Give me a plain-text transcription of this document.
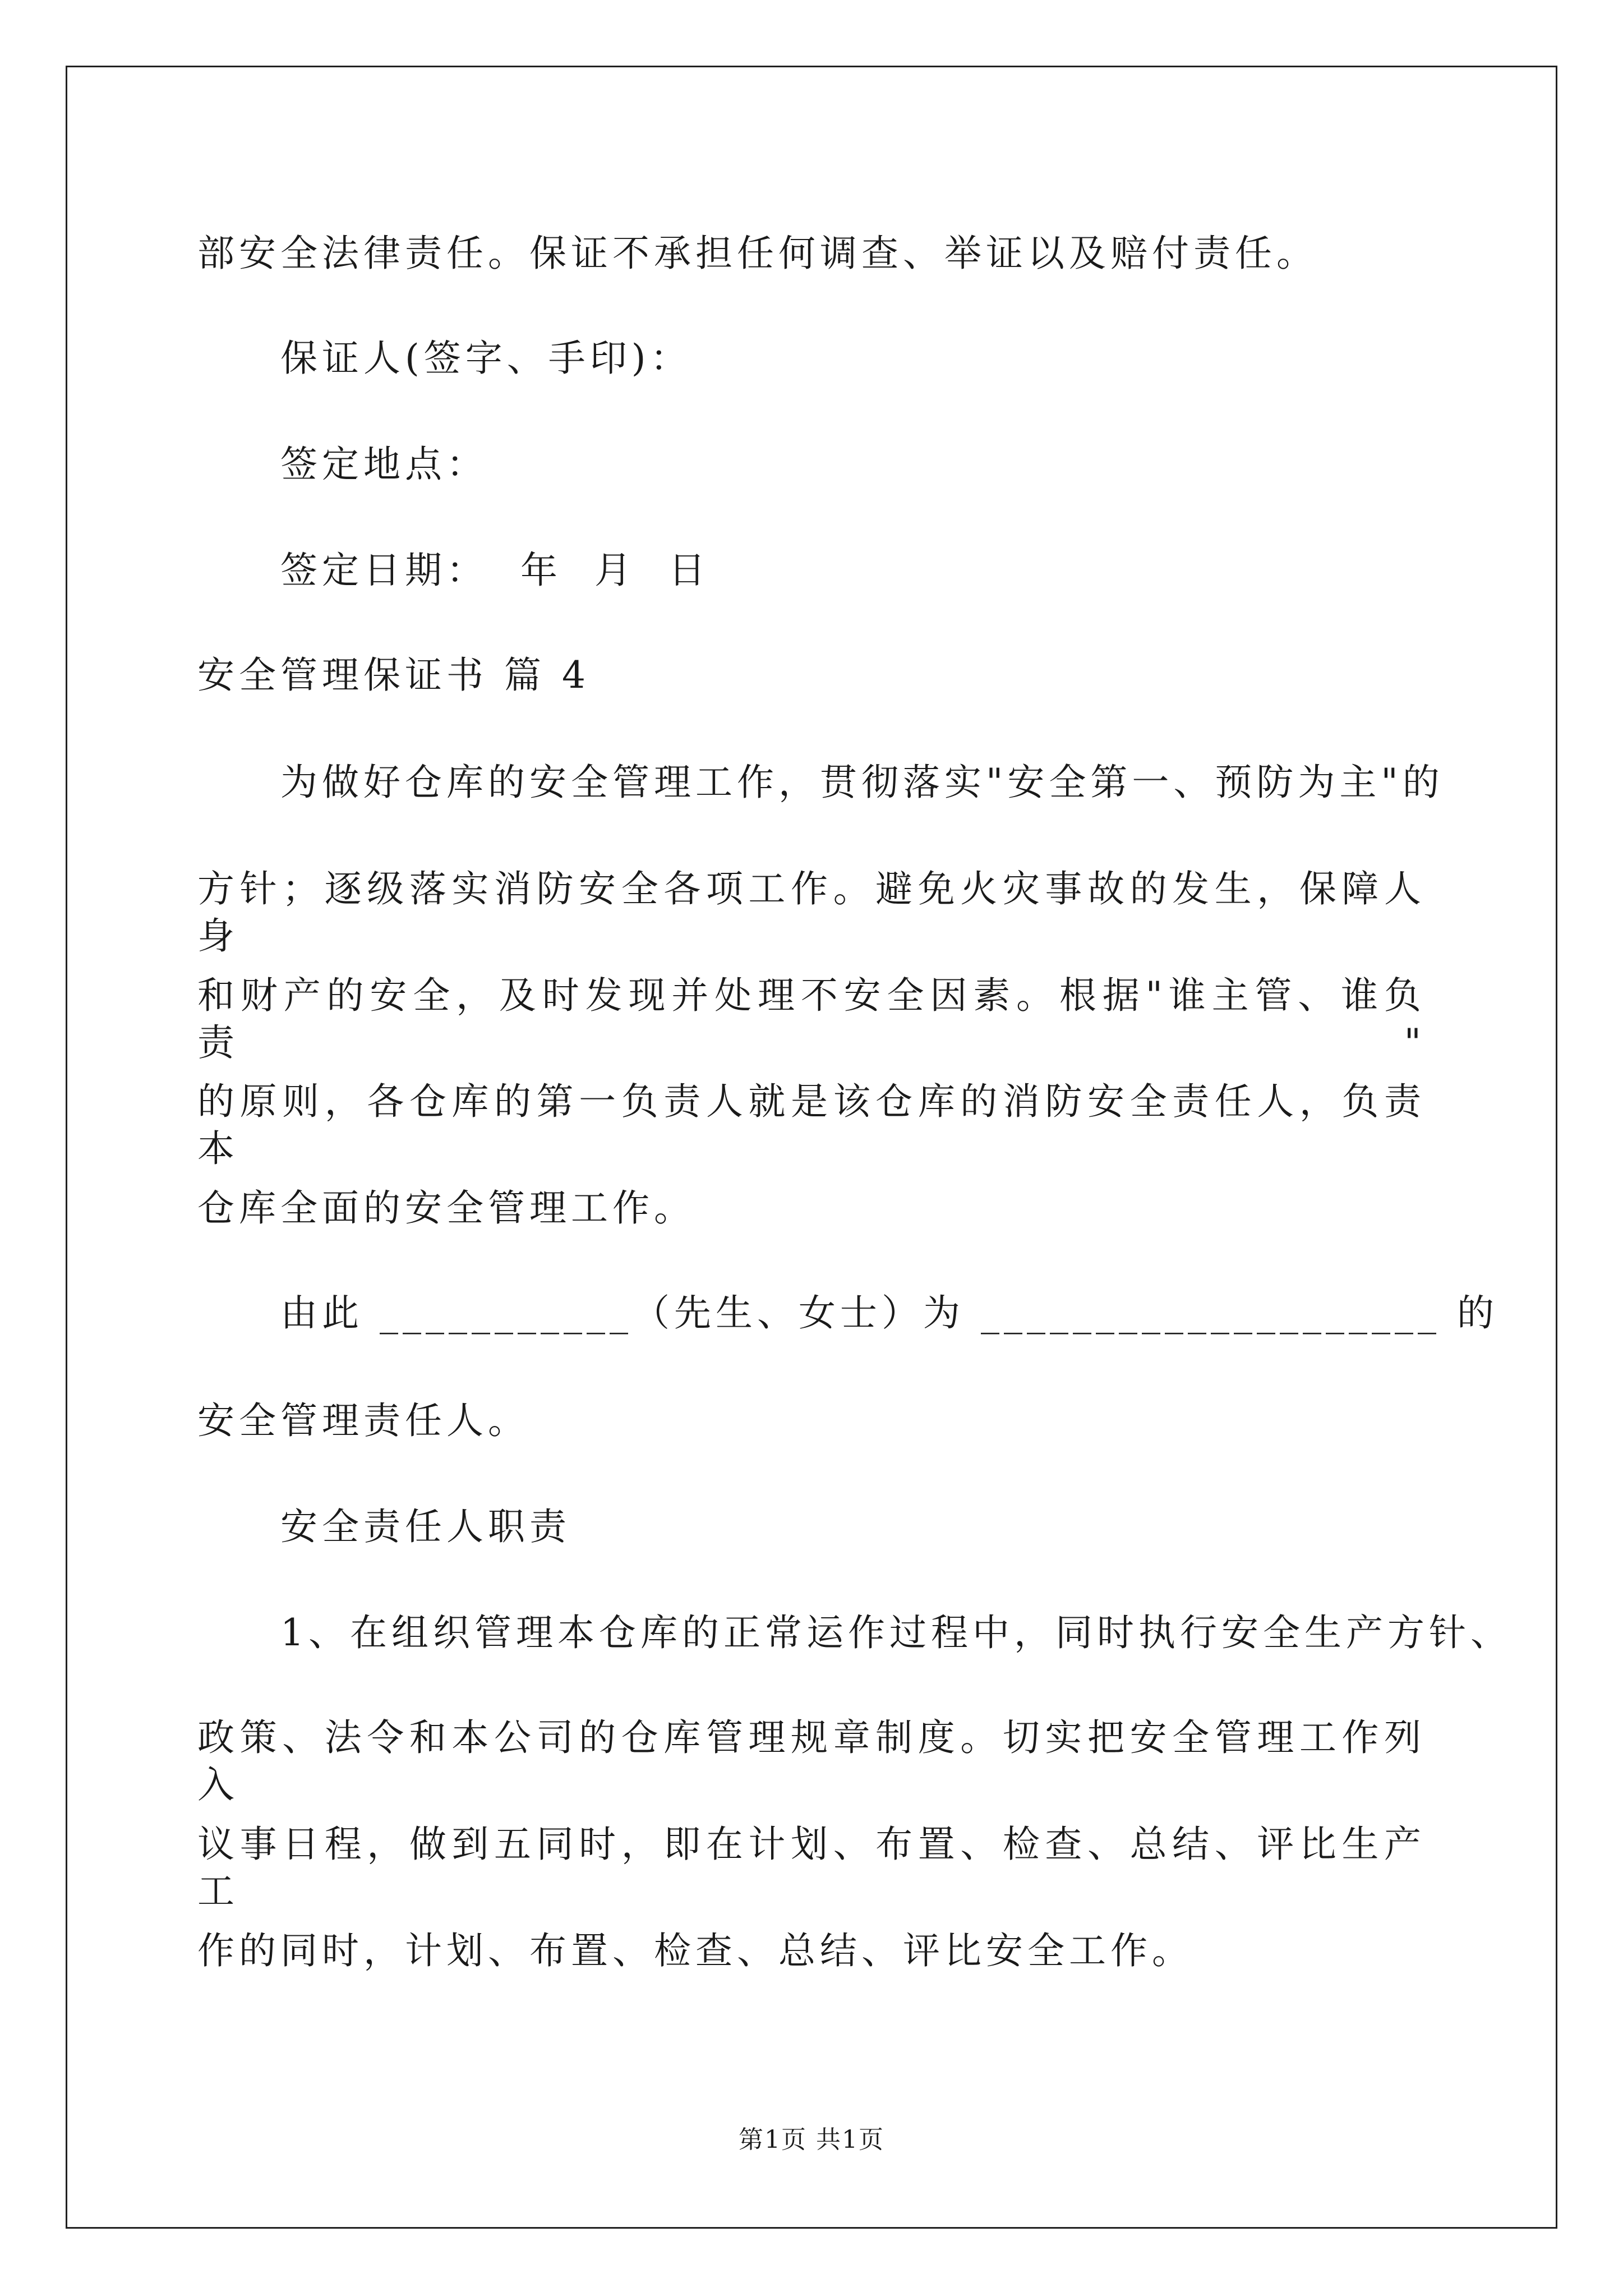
部安全法律责任。保证不承担任何调查、举证以及赔付责任。
保证人(签字、手印)：
签定地点：
签定日期：  年  月  日
安全管理保证书 篇 4
为做好仓库的安全管理工作，贯彻落实"安全第一、预防为主"的
方针；逐级落实消防安全各项工作。避免火灾事故的发生，保障人身
和财产的安全，及时发现并处理不安全因素。根据"谁主管、谁负责"
的原则，各仓库的第一负责人就是该仓库的消防安全责任人，负责本
仓库全面的安全管理工作。
由此 ___________（先生、女士）为 ____________________ 的
安全管理责任人。
安全责任人职责
1、在组织管理本仓库的正常运作过程中，同时执行安全生产方针、
政策、法令和本公司的仓库管理规章制度。切实把安全管理工作列入
议事日程，做到五同时，即在计划、布置、检查、总结、评比生产工
作的同时，计划、布置、检查、总结、评比安全工作。
第1页 共1页
